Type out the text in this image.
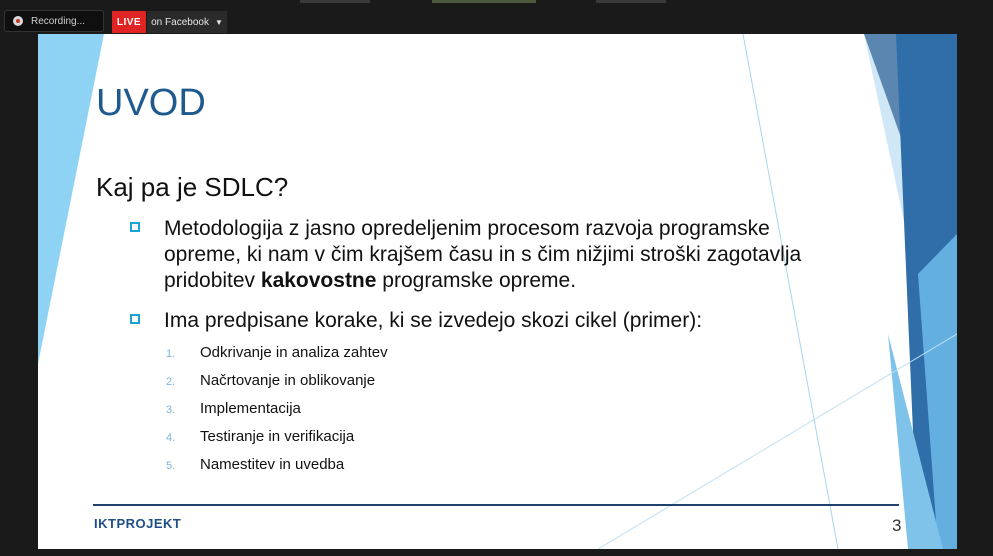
Recording...	LIVE	on Facebook ▼
UVOD
Kaj pa je SDLC?
Metodologija z jasno opredeljenim procesom razvoja programske opreme, ki nam v čim krajšem času in s čim nižjimi stroški zagotavlja pridobitev kakovostne programske opreme.
Ima predpisane korake, ki se izvedejo skozi cikel (primer):
1. Odkrivanje in analiza zahtev
2. Načrtovanje in oblikovanje
3. Implementacija
4. Testiranje in verifikacija
5. Namestitev in uvedba
IKTPROJEKT	3
